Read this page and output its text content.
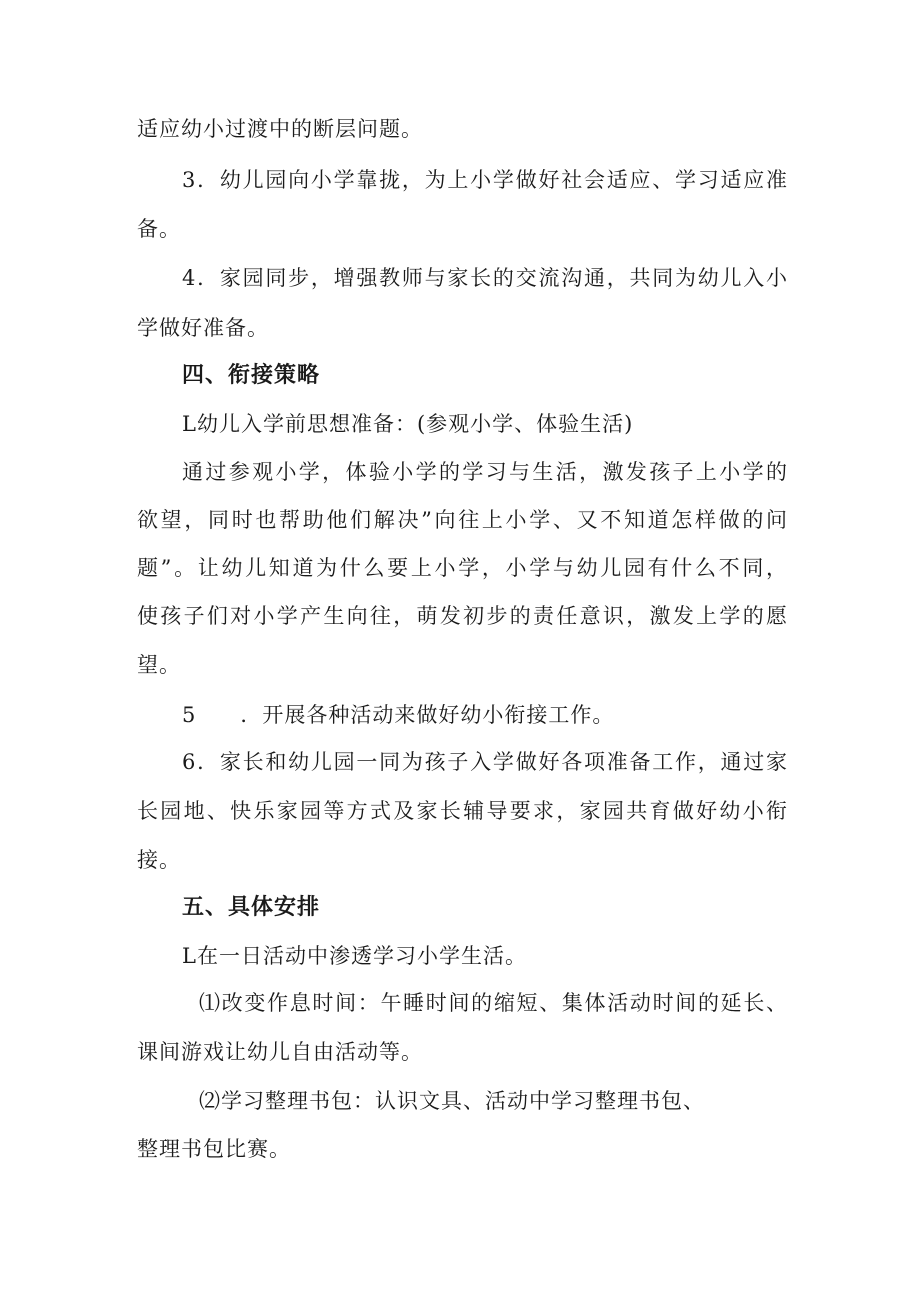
适应幼小过渡中的断层问题。
3．幼儿园向小学靠拢，为上小学做好社会适应、学习适应准
备。
4．家园同步，增强教师与家长的交流沟通，共同为幼儿入小
学做好准备。
四、衔接策略
L幼儿入学前思想准备：(参观小学、体验生活)
通过参观小学，体验小学的学习与生活，激发孩子上小学的
欲望，同时也帮助他们解决”向往上小学、又不知道怎样做的问
题”。让幼儿知道为什么要上小学，小学与幼儿园有什么不同，
使孩子们对小学产生向往，萌发初步的责任意识，激发上学的愿
望。
5　　．开展各种活动来做好幼小衔接工作。
6．家长和幼儿园一同为孩子入学做好各项准备工作，通过家
长园地、快乐家园等方式及家长辅导要求，家园共育做好幼小衔
接。
五、具体安排
L在一日活动中渗透学习小学生活。
⑴改变作息时间：午睡时间的缩短、集体活动时间的延长、
课间游戏让幼儿自由活动等。
⑵学习整理书包：认识文具、活动中学习整理书包、
整理书包比赛。
